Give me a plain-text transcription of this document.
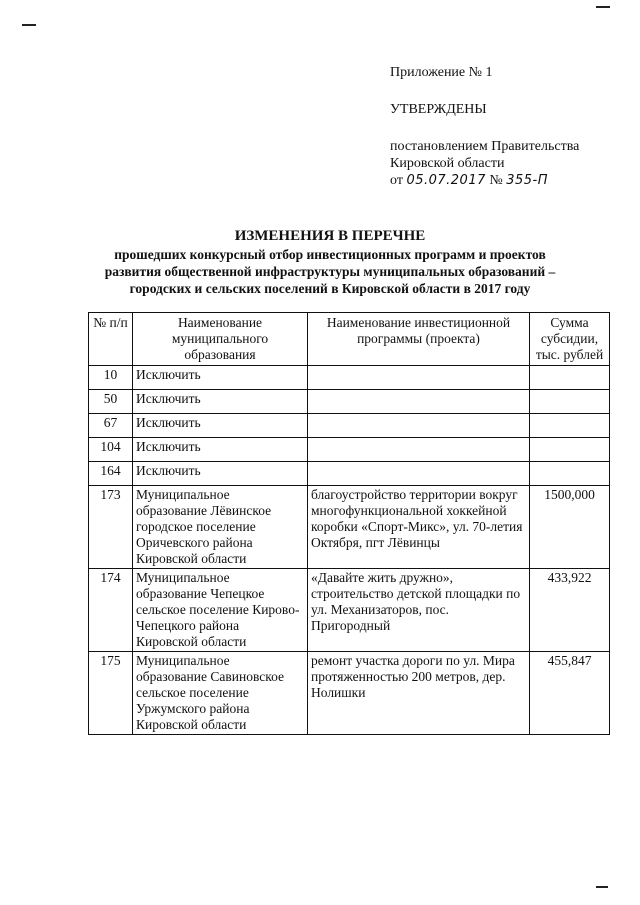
Приложение № 1
УТВЕРЖДЕНЫ
постановлением Правительства
Кировской области
от 05.07.2017 № 355-П
ИЗМЕНЕНИЯ В ПЕРЕЧНЕ
прошедших конкурсный отбор инвестиционных программ и проектов
развития общественной инфраструктуры муниципальных образований –
городских и сельских поселений в Кировской области в 2017 году
№ п/п	Наименование муниципального образования	Наименование инвестиционной программы (проекта)	Сумма субсидии, тыс. рублей
10	Исключить		
50	Исключить		
67	Исключить		
104	Исключить		
164	Исключить		
173	Муниципальное образование Лёвинское городское поселение Оричевского района Кировской области	благоустройство территории вокруг многофункциональной хоккейной коробки «Спорт-Микс», ул. 70-летия Октября, пгт Лёвинцы	1500,000
174	Муниципальное образование Чепецкое сельское поселение Кирово-Чепецкого района Кировской области	«Давайте жить дружно», строительство детской площадки по ул. Механизаторов, пос. Пригородный	433,922
175	Муниципальное образование Савиновское сельское поселение Уржумского района Кировской области	ремонт участка дороги по ул. Мира протяженностью 200 метров, дер. Нолишки	455,847
